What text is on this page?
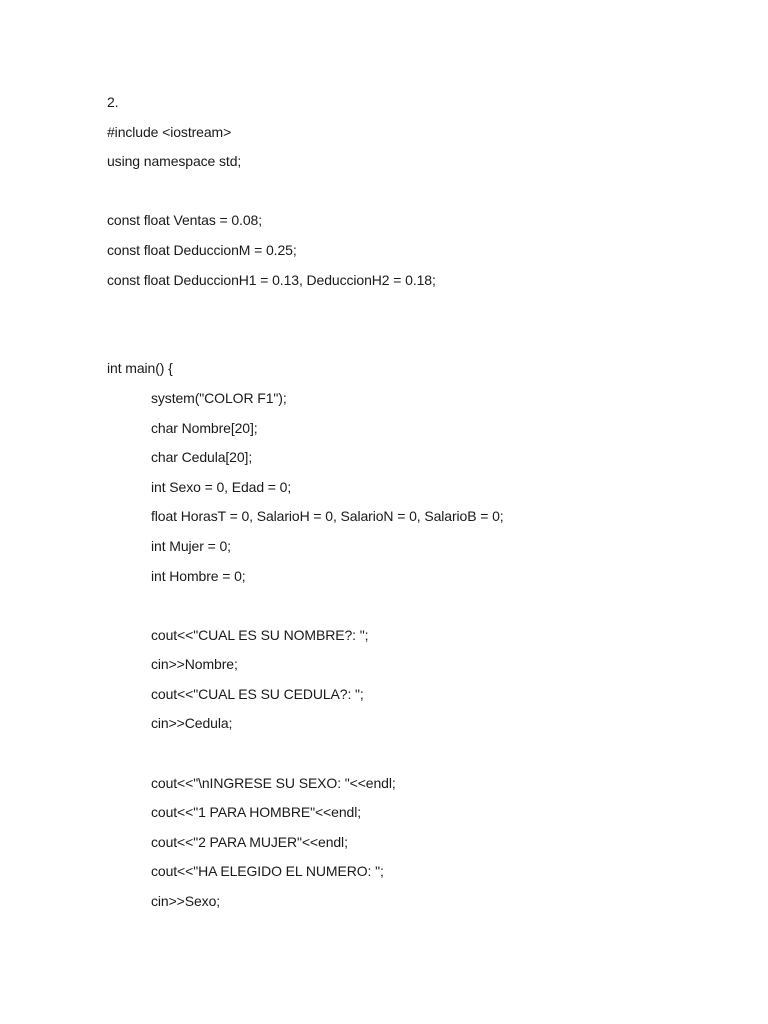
2.
#include <iostream>
using namespace std;
const float Ventas = 0.08;
const float DeduccionM = 0.25;
const float DeduccionH1 = 0.13, DeduccionH2 = 0.18;
int main() {
system("COLOR F1");
char Nombre[20];
char Cedula[20];
int Sexo = 0, Edad = 0;
float HorasT = 0, SalarioH = 0, SalarioN = 0, SalarioB = 0;
int Mujer = 0;
int Hombre = 0;
cout<<"CUAL ES SU NOMBRE?: ";
cin>>Nombre;
cout<<"CUAL ES SU CEDULA?: ";
cin>>Cedula;
cout<<"\nINGRESE SU SEXO: "<<endl;
cout<<"1 PARA HOMBRE"<<endl;
cout<<"2 PARA MUJER"<<endl;
cout<<"HA ELEGIDO EL NUMERO: ";
cin>>Sexo;
